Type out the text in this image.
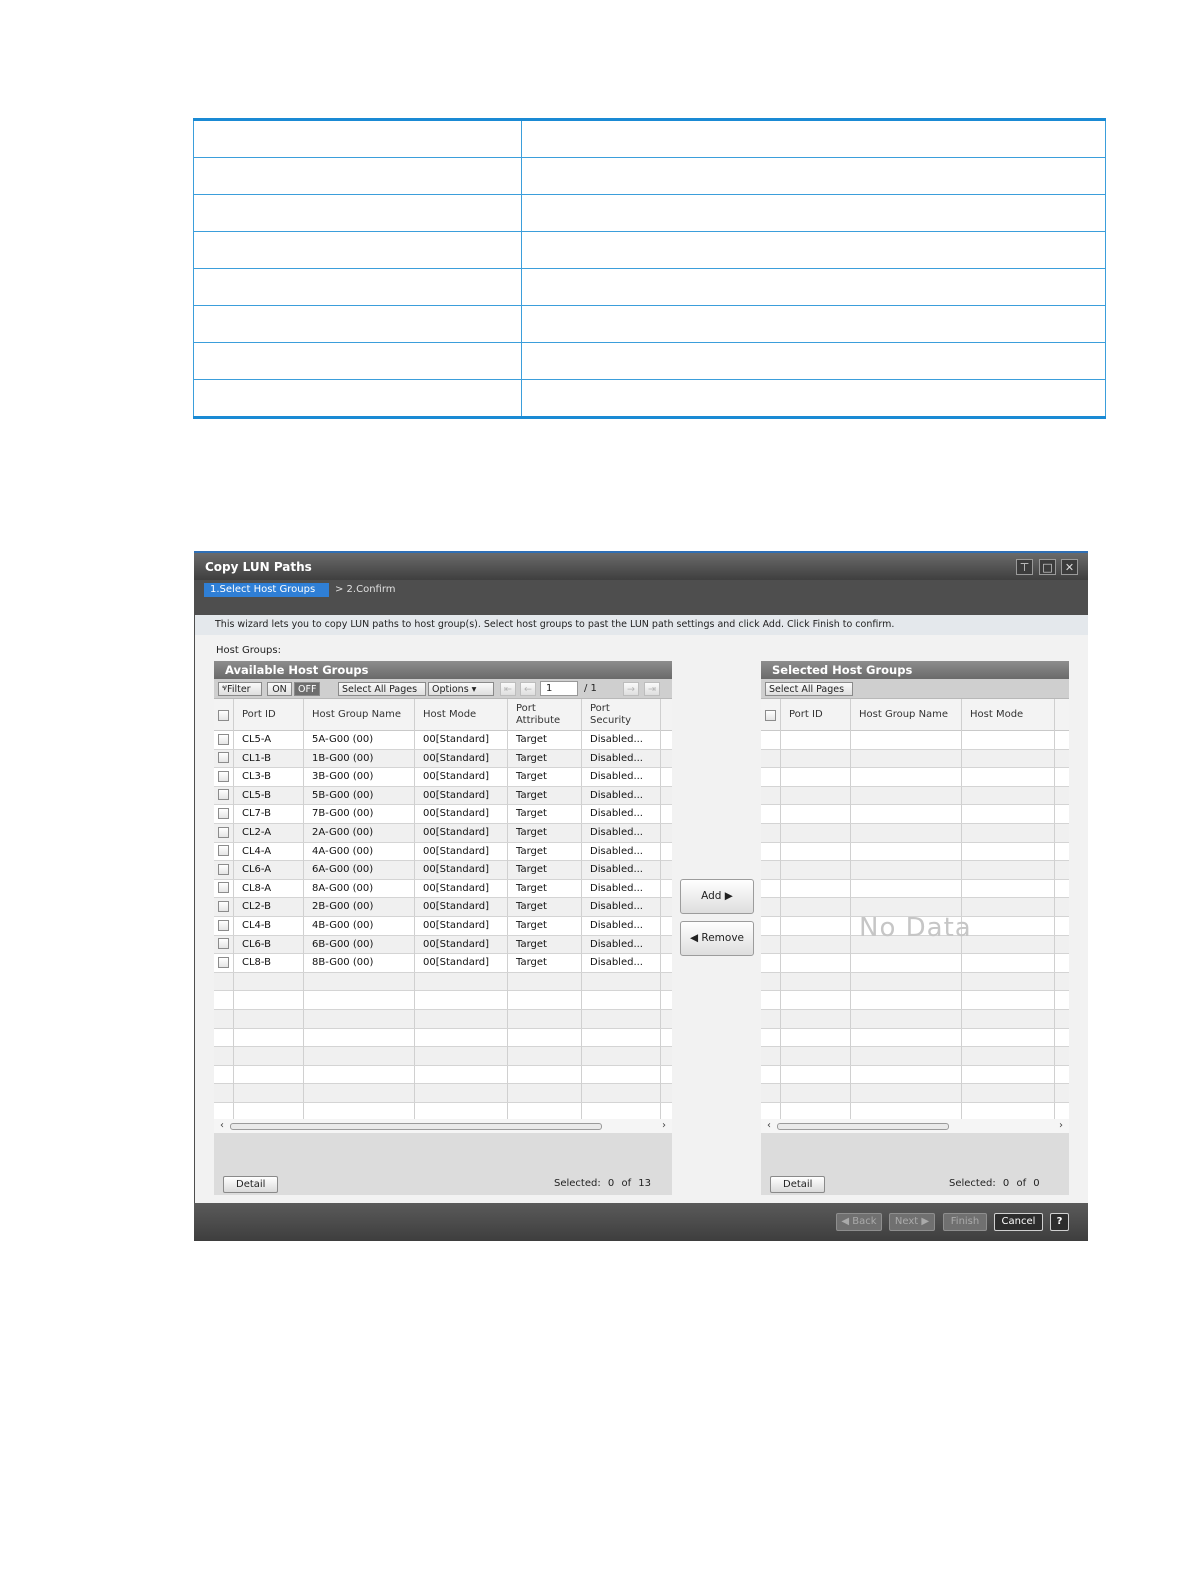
Copy LUN Paths	⊤	□	✕
1.Select Host Groups	> 2.Confirm
This wizard lets you to copy LUN paths to host group(s). Select host groups to past the LUN path settings and click Add. Click Finish to confirm.
Host Groups:
Available Host Groups
ⱌFilter	ON	OFF	Select All Pages	Options ▾	⇤	←	1	/ 1	→	⇥
Port ID	Host Group Name	Host Mode
Port Attribute
Port Security
CL5-A	5A-G00 (00)	00[Standard]	Target	Disabled...
CL1-B	1B-G00 (00)	00[Standard]	Target	Disabled...
CL3-B	3B-G00 (00)	00[Standard]	Target	Disabled...
CL5-B	5B-G00 (00)	00[Standard]	Target	Disabled...
CL7-B	7B-G00 (00)	00[Standard]	Target	Disabled...
CL2-A	2A-G00 (00)	00[Standard]	Target	Disabled...
CL4-A	4A-G00 (00)	00[Standard]	Target	Disabled...
CL6-A	6A-G00 (00)	00[Standard]	Target	Disabled...
CL8-A	8A-G00 (00)	00[Standard]	Target	Disabled...
CL2-B	2B-G00 (00)	00[Standard]	Target	Disabled...
CL4-B	4B-G00 (00)	00[Standard]	Target	Disabled...
CL6-B	6B-G00 (00)	00[Standard]	Target	Disabled...
CL8-B	8B-G00 (00)	00[Standard]	Target	Disabled...
‹	›
Detail	Selected: 0 of 13
Add ▶
◀ Remove
Selected Host Groups
Select All Pages
Port ID	Host Group Name	Host Mode
No Data
‹	›
Detail	Selected: 0 of 0
◀ Back	Next ▶	Finish	Cancel	?
